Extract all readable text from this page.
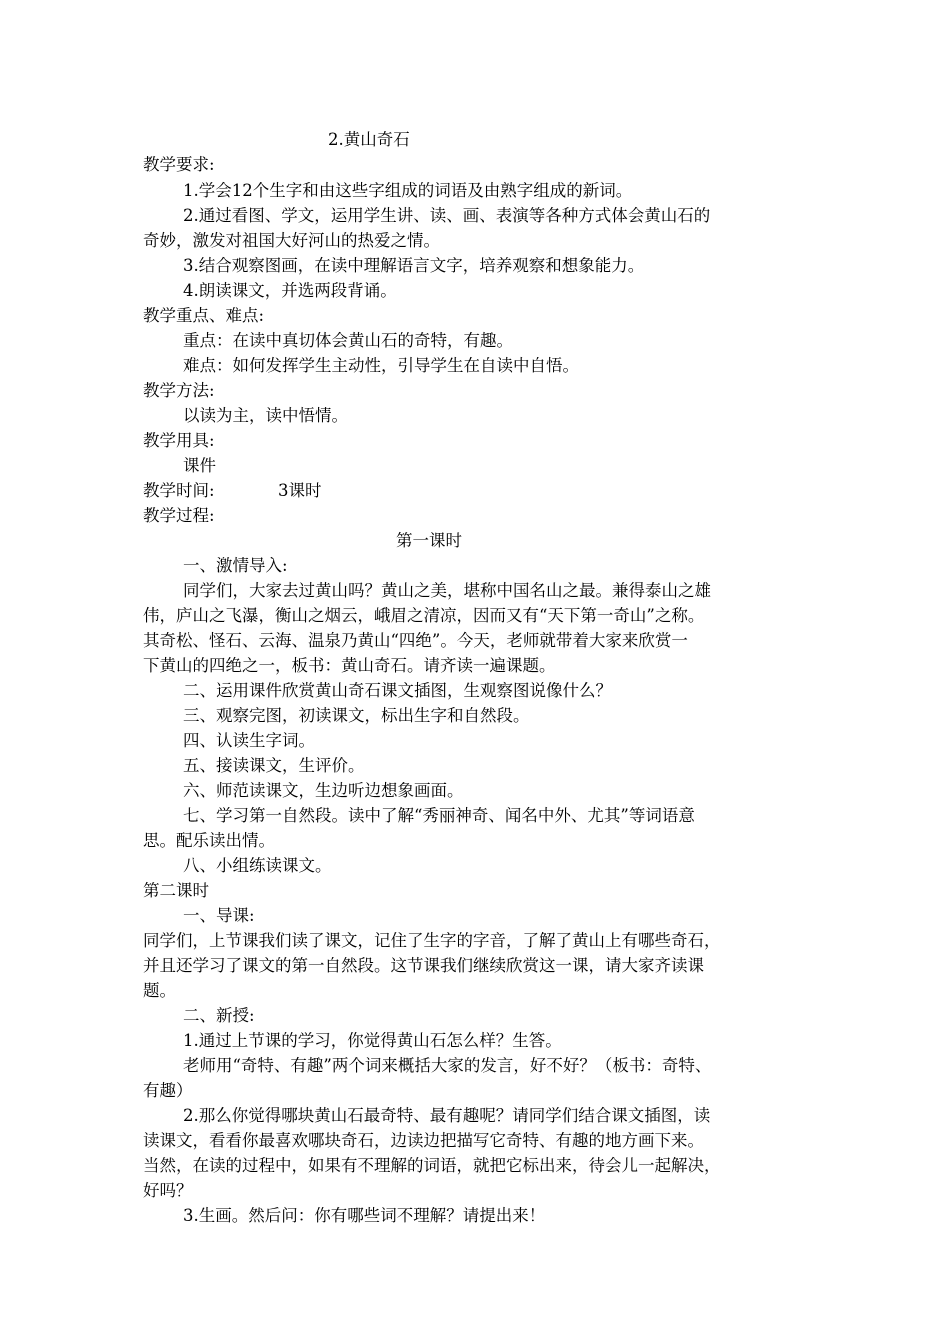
2.黄山奇石
教学要求:
1.学会12个生字和由这些字组成的词语及由熟字组成的新词。
2.通过看图、学文，运用学生讲、读、画、表演等各种方式体会黄山石的
奇妙，激发对祖国大好河山的热爱之情。
3.结合观察图画，在读中理解语言文字，培养观察和想象能力。
4.朗读课文，并选两段背诵。
教学重点、难点:
重点：在读中真切体会黄山石的奇特，有趣。
难点：如何发挥学生主动性，引导学生在自读中自悟。
教学方法:
以读为主，读中悟情。
教学用具:
课件
教学时间:	3课时
教学过程:
第一课时
一、激情导入:
同学们，大家去过黄山吗？黄山之美，堪称中国名山之最。兼得泰山之雄
伟，庐山之飞瀑，衡山之烟云，峨眉之清凉，因而又有“天下第一奇山”之称。
其奇松、怪石、云海、温泉乃黄山“四绝”。今天，老师就带着大家来欣赏一
下黄山的四绝之一，板书：黄山奇石。请齐读一遍课题。
二、运用课件欣赏黄山奇石课文插图，生观察图说像什么？
三、观察完图，初读课文，标出生字和自然段。
四、认读生字词。
五、接读课文，生评价。
六、师范读课文，生边听边想象画面。
七、学习第一自然段。读中了解“秀丽神奇、闻名中外、尤其”等词语意
思。配乐读出情。
八、小组练读课文。
第二课时
一、导课:
同学们，上节课我们读了课文，记住了生字的字音，了解了黄山上有哪些奇石，
并且还学习了课文的第一自然段。这节课我们继续欣赏这一课，请大家齐读课
题。
二、新授:
1.通过上节课的学习，你觉得黄山石怎么样？生答。
老师用“奇特、有趣”两个词来概括大家的发言，好不好？（板书：奇特、
有趣）
2.那么你觉得哪块黄山石最奇特、最有趣呢？请同学们结合课文插图，读
读课文，看看你最喜欢哪块奇石，边读边把描写它奇特、有趣的地方画下来。
当然，在读的过程中，如果有不理解的词语，就把它标出来，待会儿一起解决，
好吗？
3.生画。然后问：你有哪些词不理解？请提出来！
